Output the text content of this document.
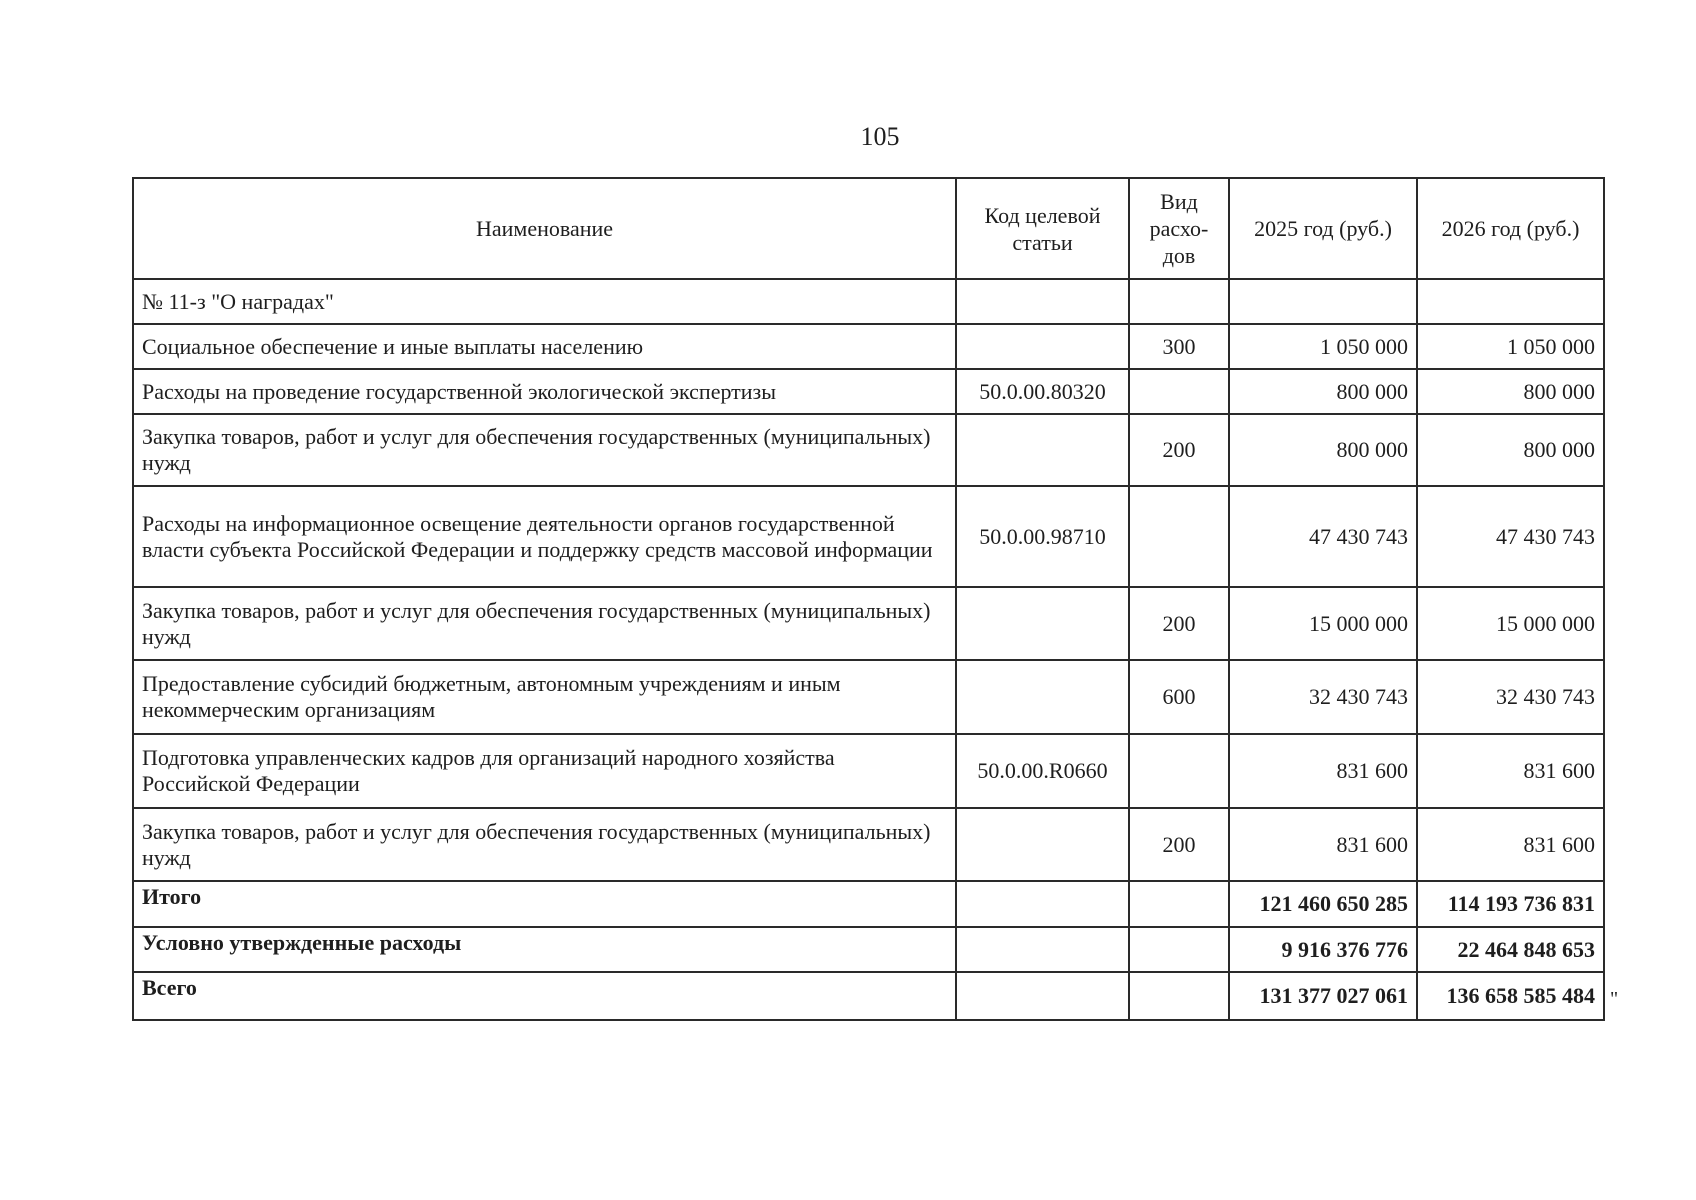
105
Наименование	Код целевой статьи	Вид расхо-дов	2025 год (руб.)	2026 год (руб.)
№ 11-з "О наградах"				
Социальное обеспечение и иные выплаты населению		300	1 050 000	1 050 000
Расходы на проведение государственной экологической экспертизы	50.0.00.80320		800 000	800 000
Закупка товаров, работ и услуг для обеспечения государственных (муниципальных) нужд		200	800 000	800 000
Расходы на информационное освещение деятельности органов государственной власти субъекта Российской Федерации и поддержку средств массовой информации	50.0.00.98710		47 430 743	47 430 743
Закупка товаров, работ и услуг для обеспечения государственных (муниципальных) нужд		200	15 000 000	15 000 000
Предоставление субсидий бюджетным, автономным учреждениям и иным некоммерческим организациям		600	32 430 743	32 430 743
Подготовка управленческих кадров для организаций народного хозяйства Российской Федерации	50.0.00.R0660		831 600	831 600
Закупка товаров, работ и услуг для обеспечения государственных (муниципальных) нужд		200	831 600	831 600
Итого			121 460 650 285	114 193 736 831
Условно утвержденные расходы			9 916 376 776	22 464 848 653
Всего			131 377 027 061	136 658 585 484 "
